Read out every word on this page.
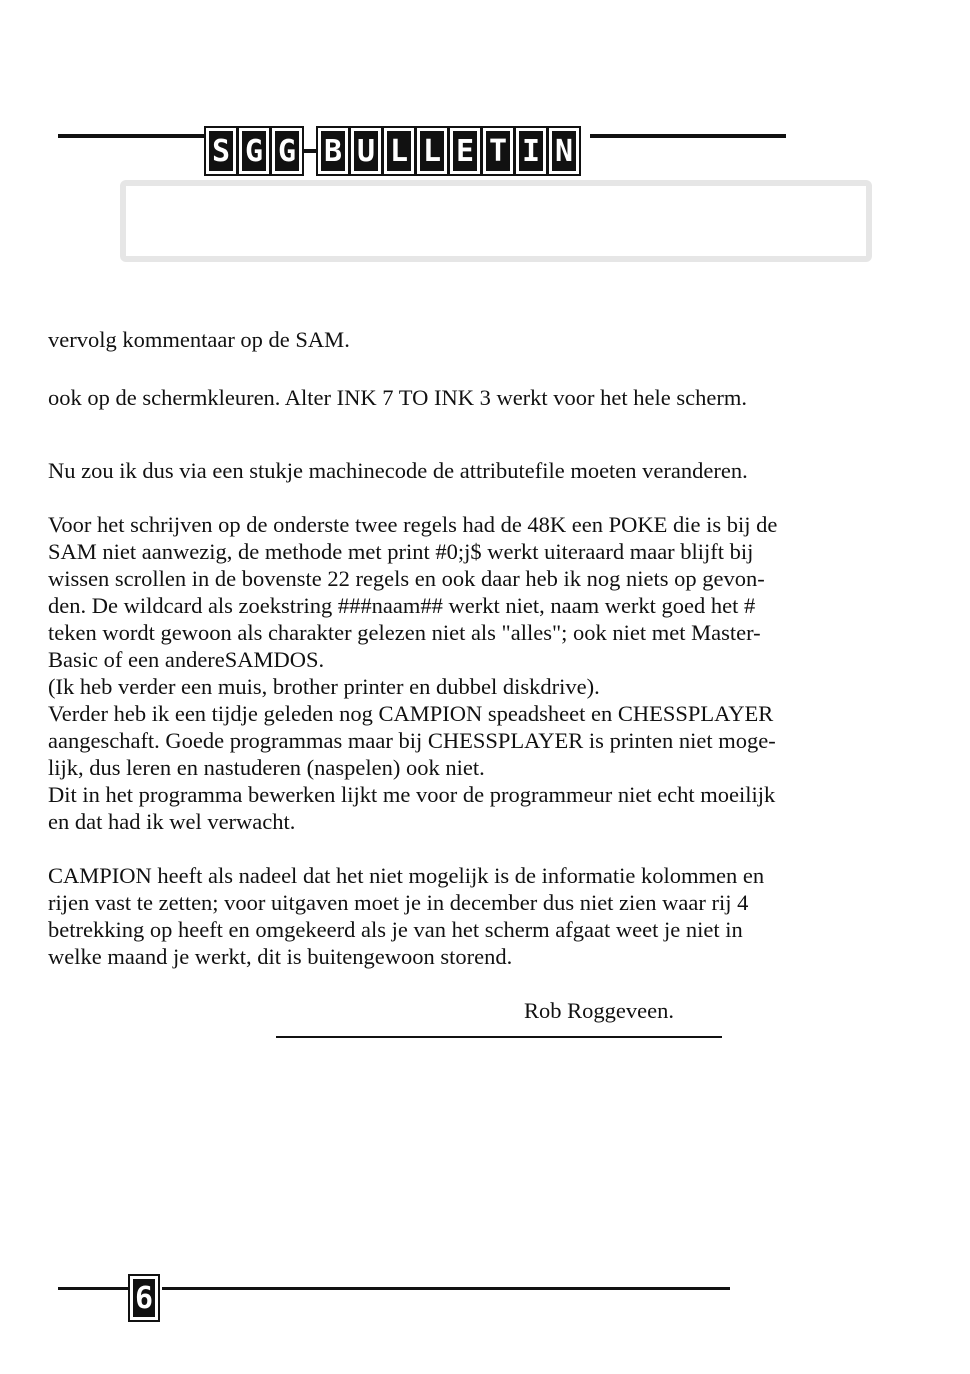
S G G B U L L E T I N

vervolg kommentaar op de SAM.

ook op de schermkleuren. Alter INK 7 TO INK 3 werkt voor het hele scherm.

Nu zou ik dus via een stukje machinecode de attributefile moeten veranderen.

Voor het schrijven op de onderste twee regels had de 48K een POKE die is bij de

SAM niet aanwezig, de methode met print #0;j$ werkt uiteraard maar blijft bij

wissen scrollen in de bovenste 22 regels en ook daar heb ik nog niets op gevon-

den. De wildcard als zoekstring ###naam## werkt niet, naam werkt goed het #

teken wordt gewoon als charakter gelezen niet als "alles"; ook niet met Master-

Basic of een andereSAMDOS.

(Ik heb verder een muis, brother printer en dubbel diskdrive).

Verder heb ik een tijdje geleden nog CAMPION speadsheet en CHESSPLAYER

aangeschaft. Goede programmas maar bij CHESSPLAYER is printen niet moge-

lijk, dus leren en nastuderen (naspelen) ook niet.

Dit in het programma bewerken lijkt me voor de programmeur niet echt moeilijk

en dat had ik wel verwacht.

CAMPION heeft als nadeel dat het niet mogelijk is de informatie kolommen en

rijen vast te zetten; voor uitgaven moet je in december dus niet zien waar rij 4

betrekking op heeft en omgekeerd als je van het scherm afgaat weet je niet in

welke maand je werkt, dit is buitengewoon storend.

Rob Roggeveen.
6
